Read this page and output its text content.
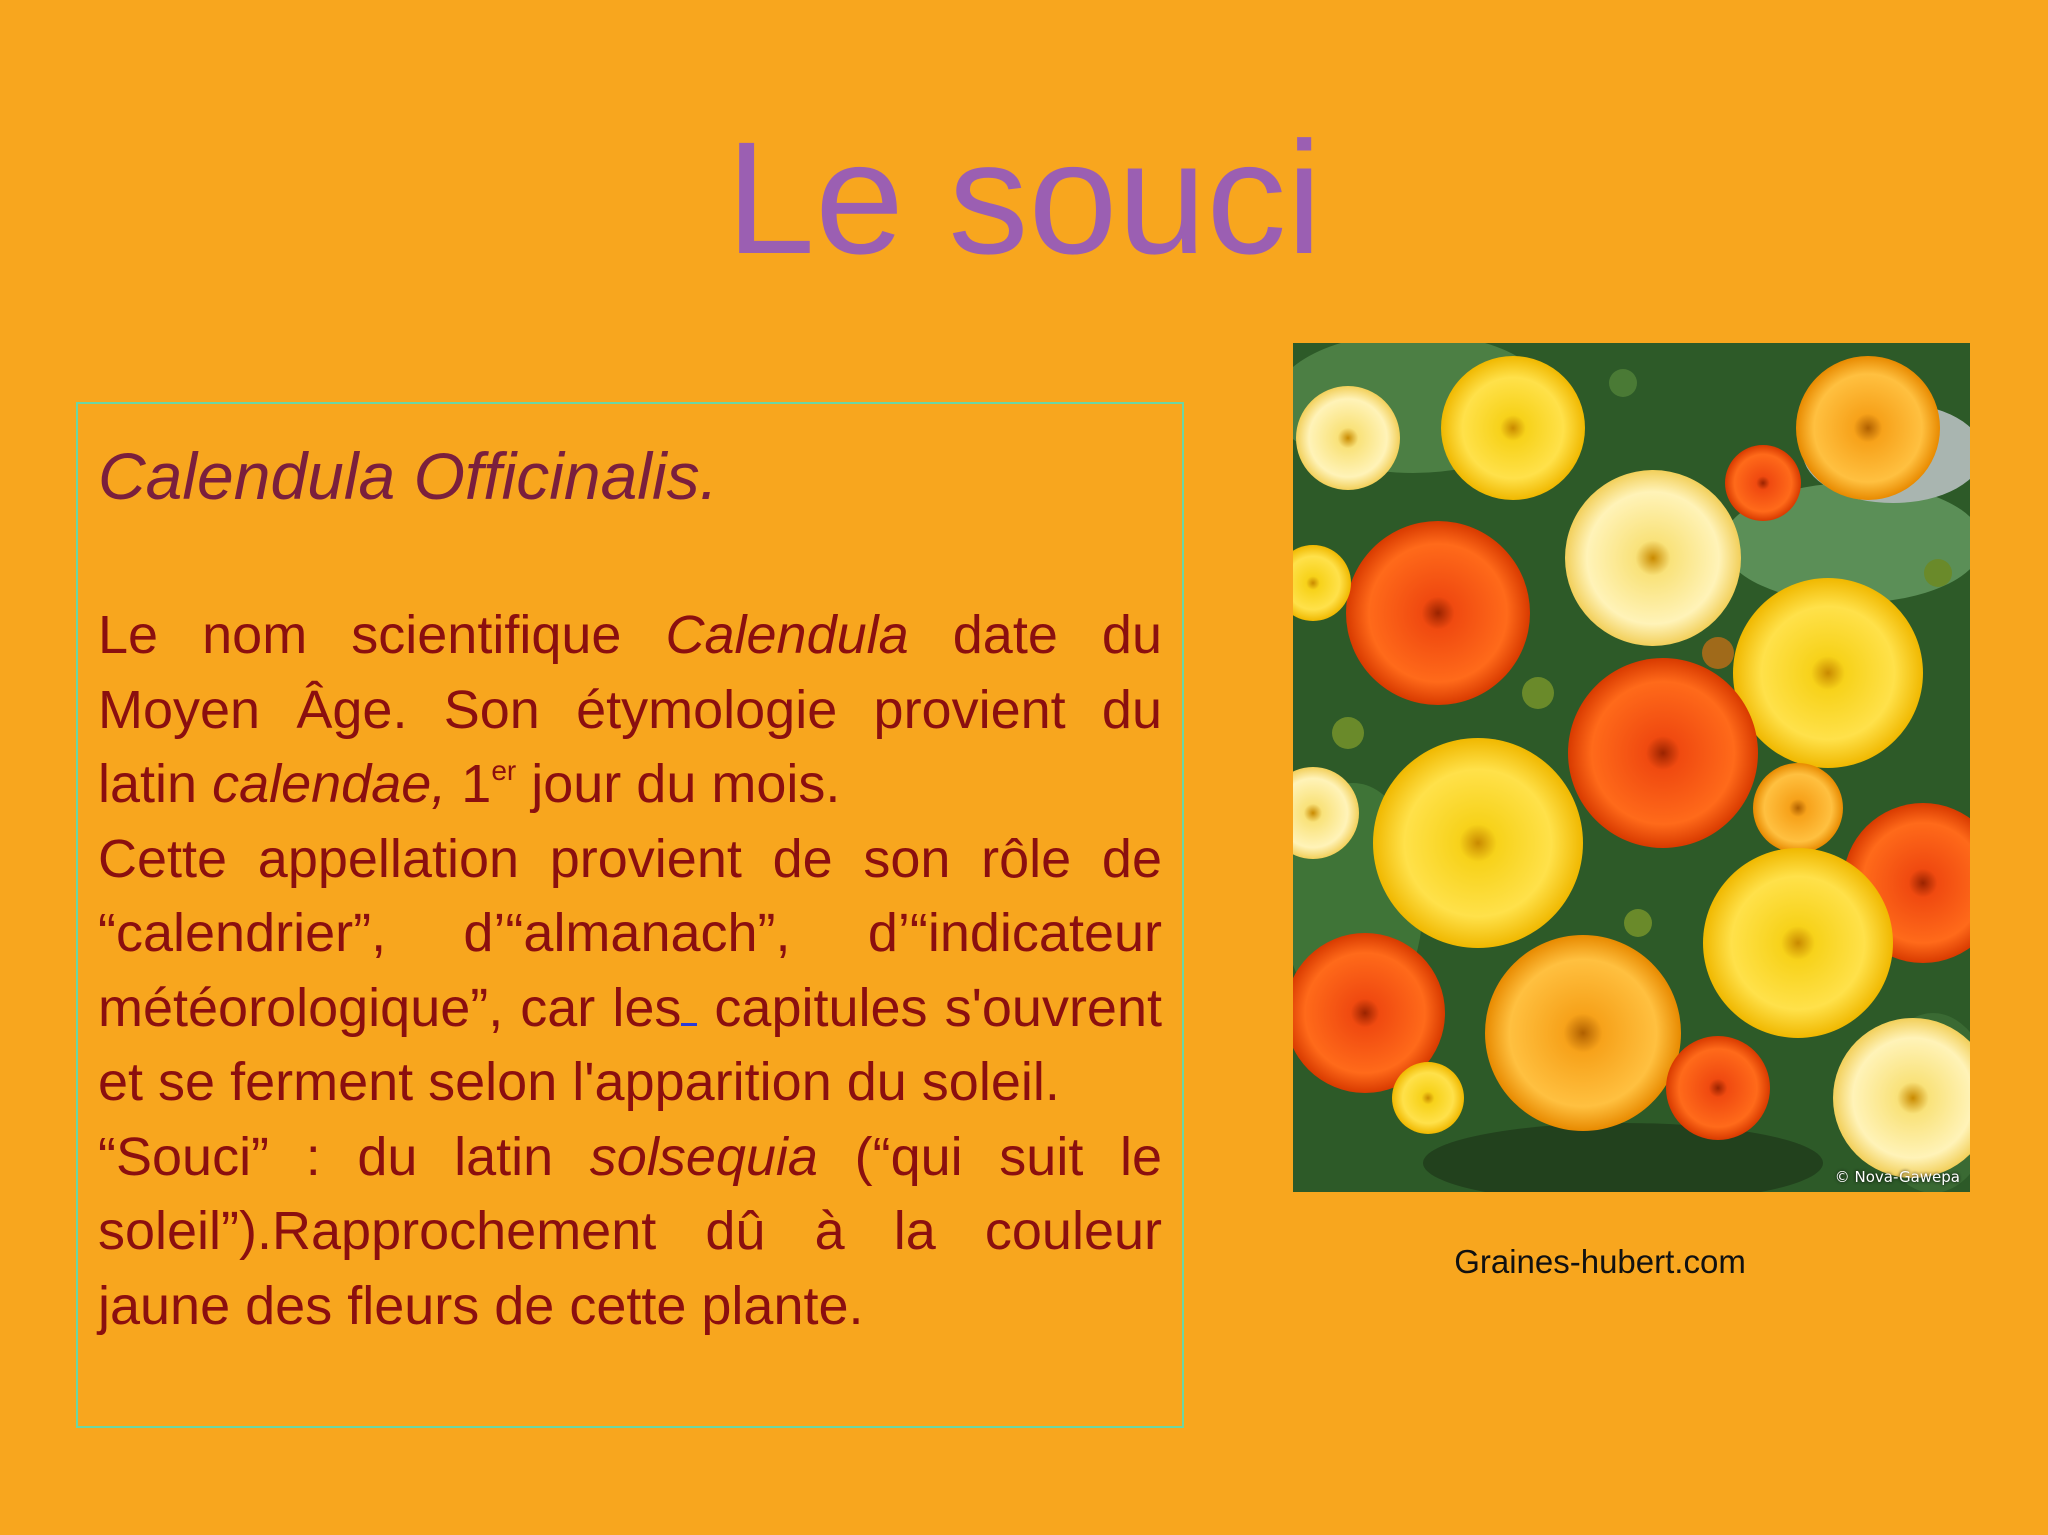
Le souci
Calendula Officinalis.

Le nom scientifique Calendula date du Moyen Âge. Son étymologie provient du latin calendae, 1er jour du mois.

Cette appellation provient de son rôle de “calendrier”, d’“almanach”, d’“indicateur météorologique”, car les capitules s'ouvrent et se ferment selon l'apparition du soleil.

“Souci” : du latin solsequia (“qui suit le soleil”).Rapprochement dû à la couleur jaune des fleurs de cette plante.

© Nova-Gawepa
Graines-hubert.com
